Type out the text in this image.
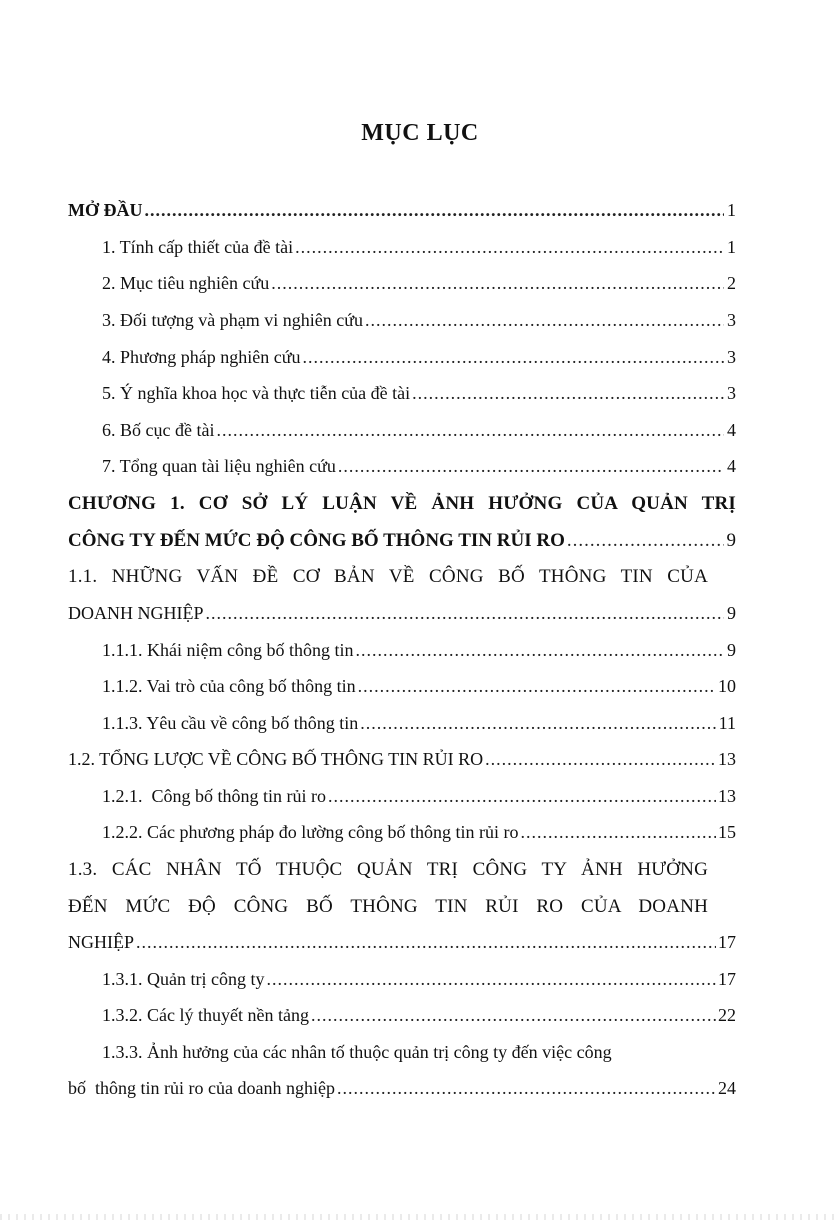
MỤC LỤC
MỞ ĐẦU .....	1
1. Tính cấp thiết của đề tài .....	1
2. Mục tiêu nghiên cứu .....	2
3. Đối tượng và phạm vi nghiên cứu .....	3
4. Phương pháp nghiên cứu .....	3
5. Ý nghĩa khoa học và thực tiễn của đề tài .....	3
6. Bố cục đề tài .....	4
7. Tổng quan tài liệu nghiên cứu .....	4
CHƯƠNG 1. CƠ SỞ LÝ LUẬN VỀ ẢNH HƯỞNG CỦA QUẢN TRỊ
CÔNG TY ĐẾN MỨC ĐỘ CÔNG BỐ THÔNG TIN RỦI RO .....	9
1.1. NHỮNG VẤN ĐỀ CƠ BẢN VỀ CÔNG BỐ THÔNG TIN CỦA
DOANH NGHIỆP .....	9
1.1.1. Khái niệm công bố thông tin .....	9
1.1.2. Vai trò của công bố thông tin .....	10
1.1.3. Yêu cầu về công bố thông tin .....	11
1.2. TỔNG LƯỢC VỀ CÔNG BỐ THÔNG TIN RỦI RO .....	13
1.2.1.  Công bố thông tin rủi ro .....	13
1.2.2. Các phương pháp đo lường công bố thông tin rủi ro .....	15
1.3. CÁC NHÂN TỐ THUỘC QUẢN TRỊ CÔNG TY ẢNH HƯỞNG
ĐẾN MỨC ĐỘ CÔNG BỐ THÔNG TIN RỦI RO CỦA DOANH
NGHIỆP .....	17
1.3.1. Quản trị công ty .....	17
1.3.2. Các lý thuyết nền tảng .....	22
1.3.3. Ảnh hưởng của các nhân tố thuộc quản trị công ty đến việc công
bố  thông tin rủi ro của doanh nghiệp .....	24
